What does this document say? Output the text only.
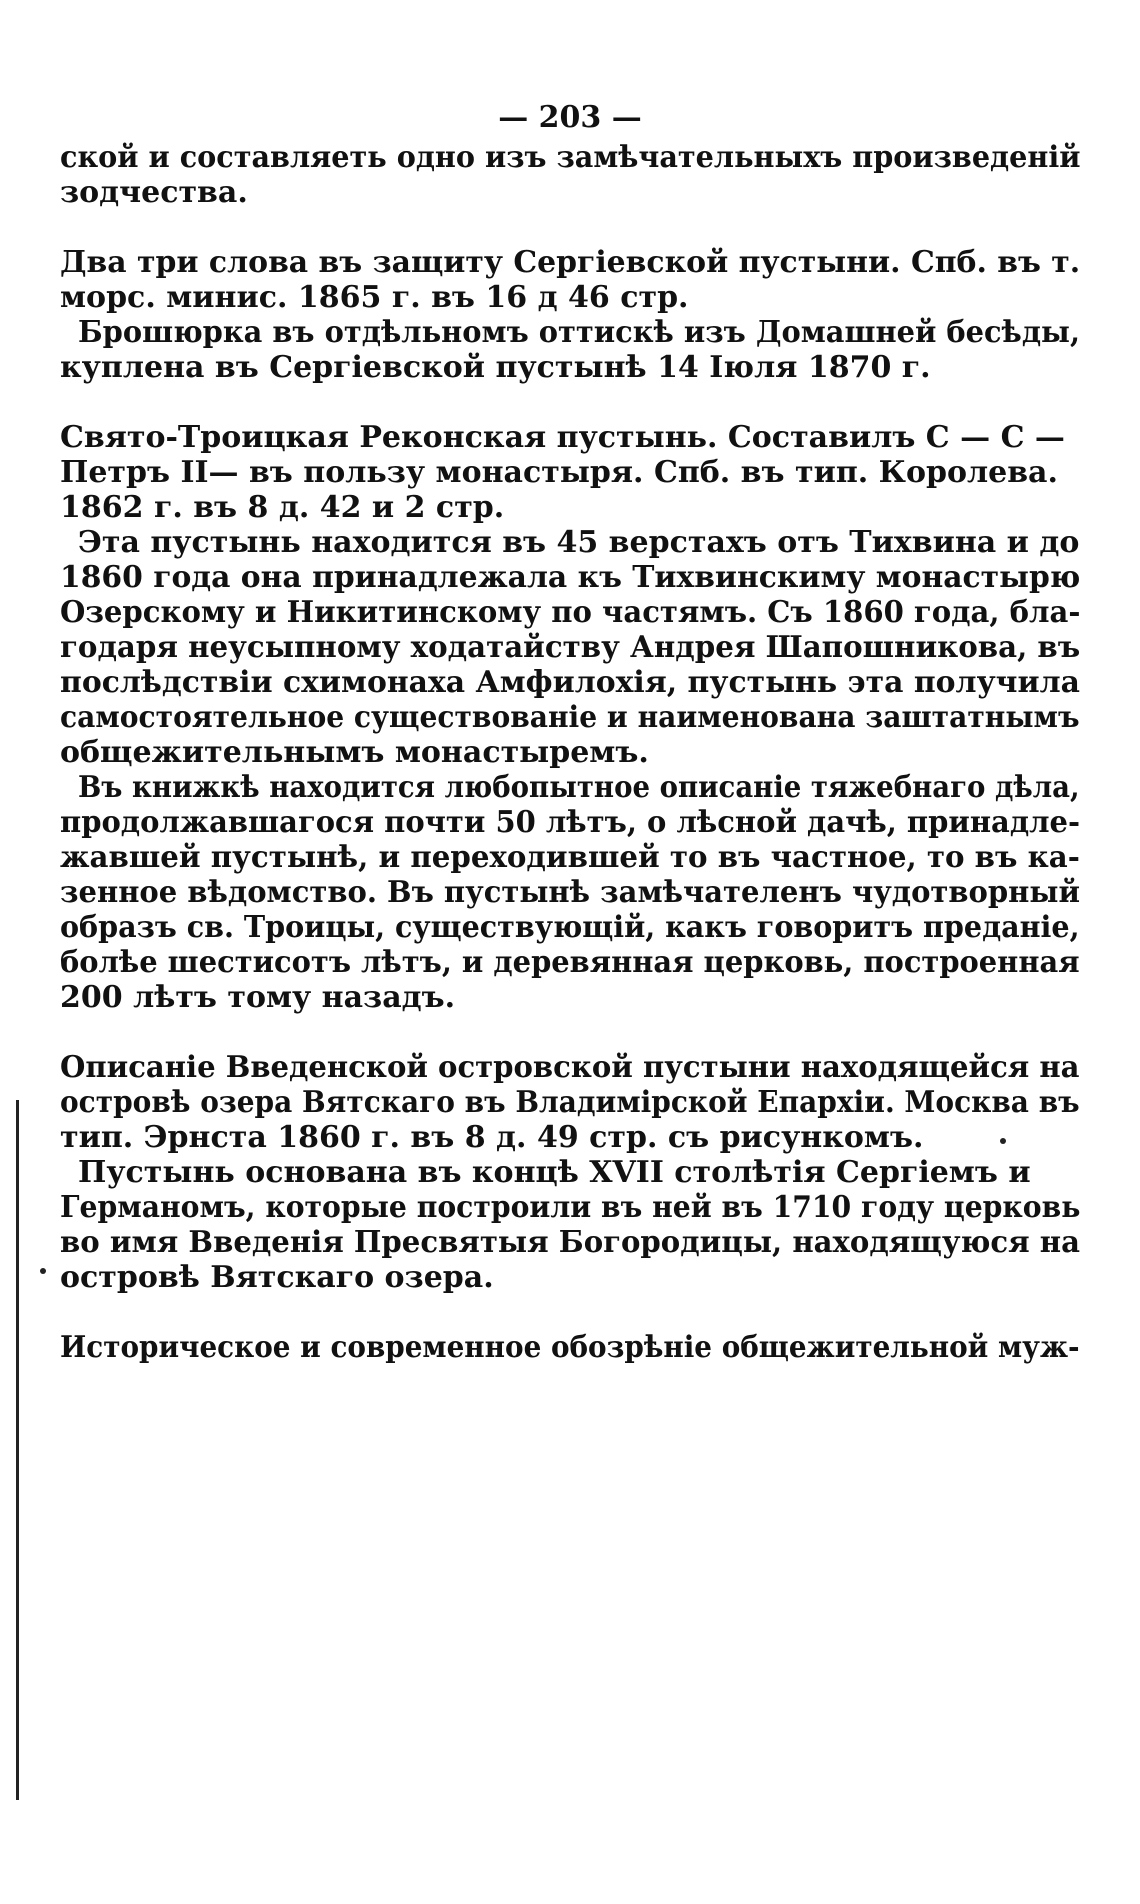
— 203 —
ской и составляеть одно изъ замѣчательныхъ произведеній
зодчества.
Два три слова въ защиту Сергіевской пустыни. Спб. въ т.
морс. минис. 1865 г. въ 16 д 46 стр.
Брошюрка въ отдѣльномъ оттискѣ изъ Домашней бесѣды,
куплена въ Сергіевской пустынѣ 14 Іюля 1870 г.
Свято-Троицкая Реконская пустынь. Составилъ С — С —
Петръ II— въ пользу монастыря. Спб. въ тип. Королева.
1862 г. въ 8 д. 42 и 2 стр.
Эта пустынь находится въ 45 верстахъ отъ Тихвина и до
1860 года она принадлежала къ Тихвинскиму монастырю
Озерскому и Никитинскому по частямъ. Съ 1860 года, бла-
годаря неусыпному ходатайству Андрея Шапошникова, въ
послѣдствіи схимонаха Амфилохія, пустынь эта получила
самостоятельное существованіе и наименована заштатнымъ
общежительнымъ монастыремъ.
Въ книжкѣ находится любопытное описаніе тяжебнаго дѣла,
продолжавшагося почти 50 лѣтъ, о лѣсной дачѣ, принадле-
жавшей пустынѣ, и переходившей то въ частное, то въ ка-
зенное вѣдомство. Въ пустынѣ замѣчателенъ чудотворный
образъ св. Троицы, существующій, какъ говоритъ преданіе,
болѣе шестисотъ лѣтъ, и деревянная церковь, построенная
200 лѣтъ тому назадъ.
Описаніе Введенской островской пустыни находящейся на
островѣ озера Вятскаго въ Владимірской Епархіи. Москва въ
тип. Эрнста 1860 г. въ 8 д. 49 стр. съ рисункомъ.
Пустынь основана въ концѣ XVII столѣтія Сергіемъ и
Германомъ, которые построили въ ней въ 1710 году церковь
во имя Введенія Пресвятыя Богородицы, находящуюся на
островѣ Вятскаго озера.
Историческое и современное обозрѣніе общежительной муж-
